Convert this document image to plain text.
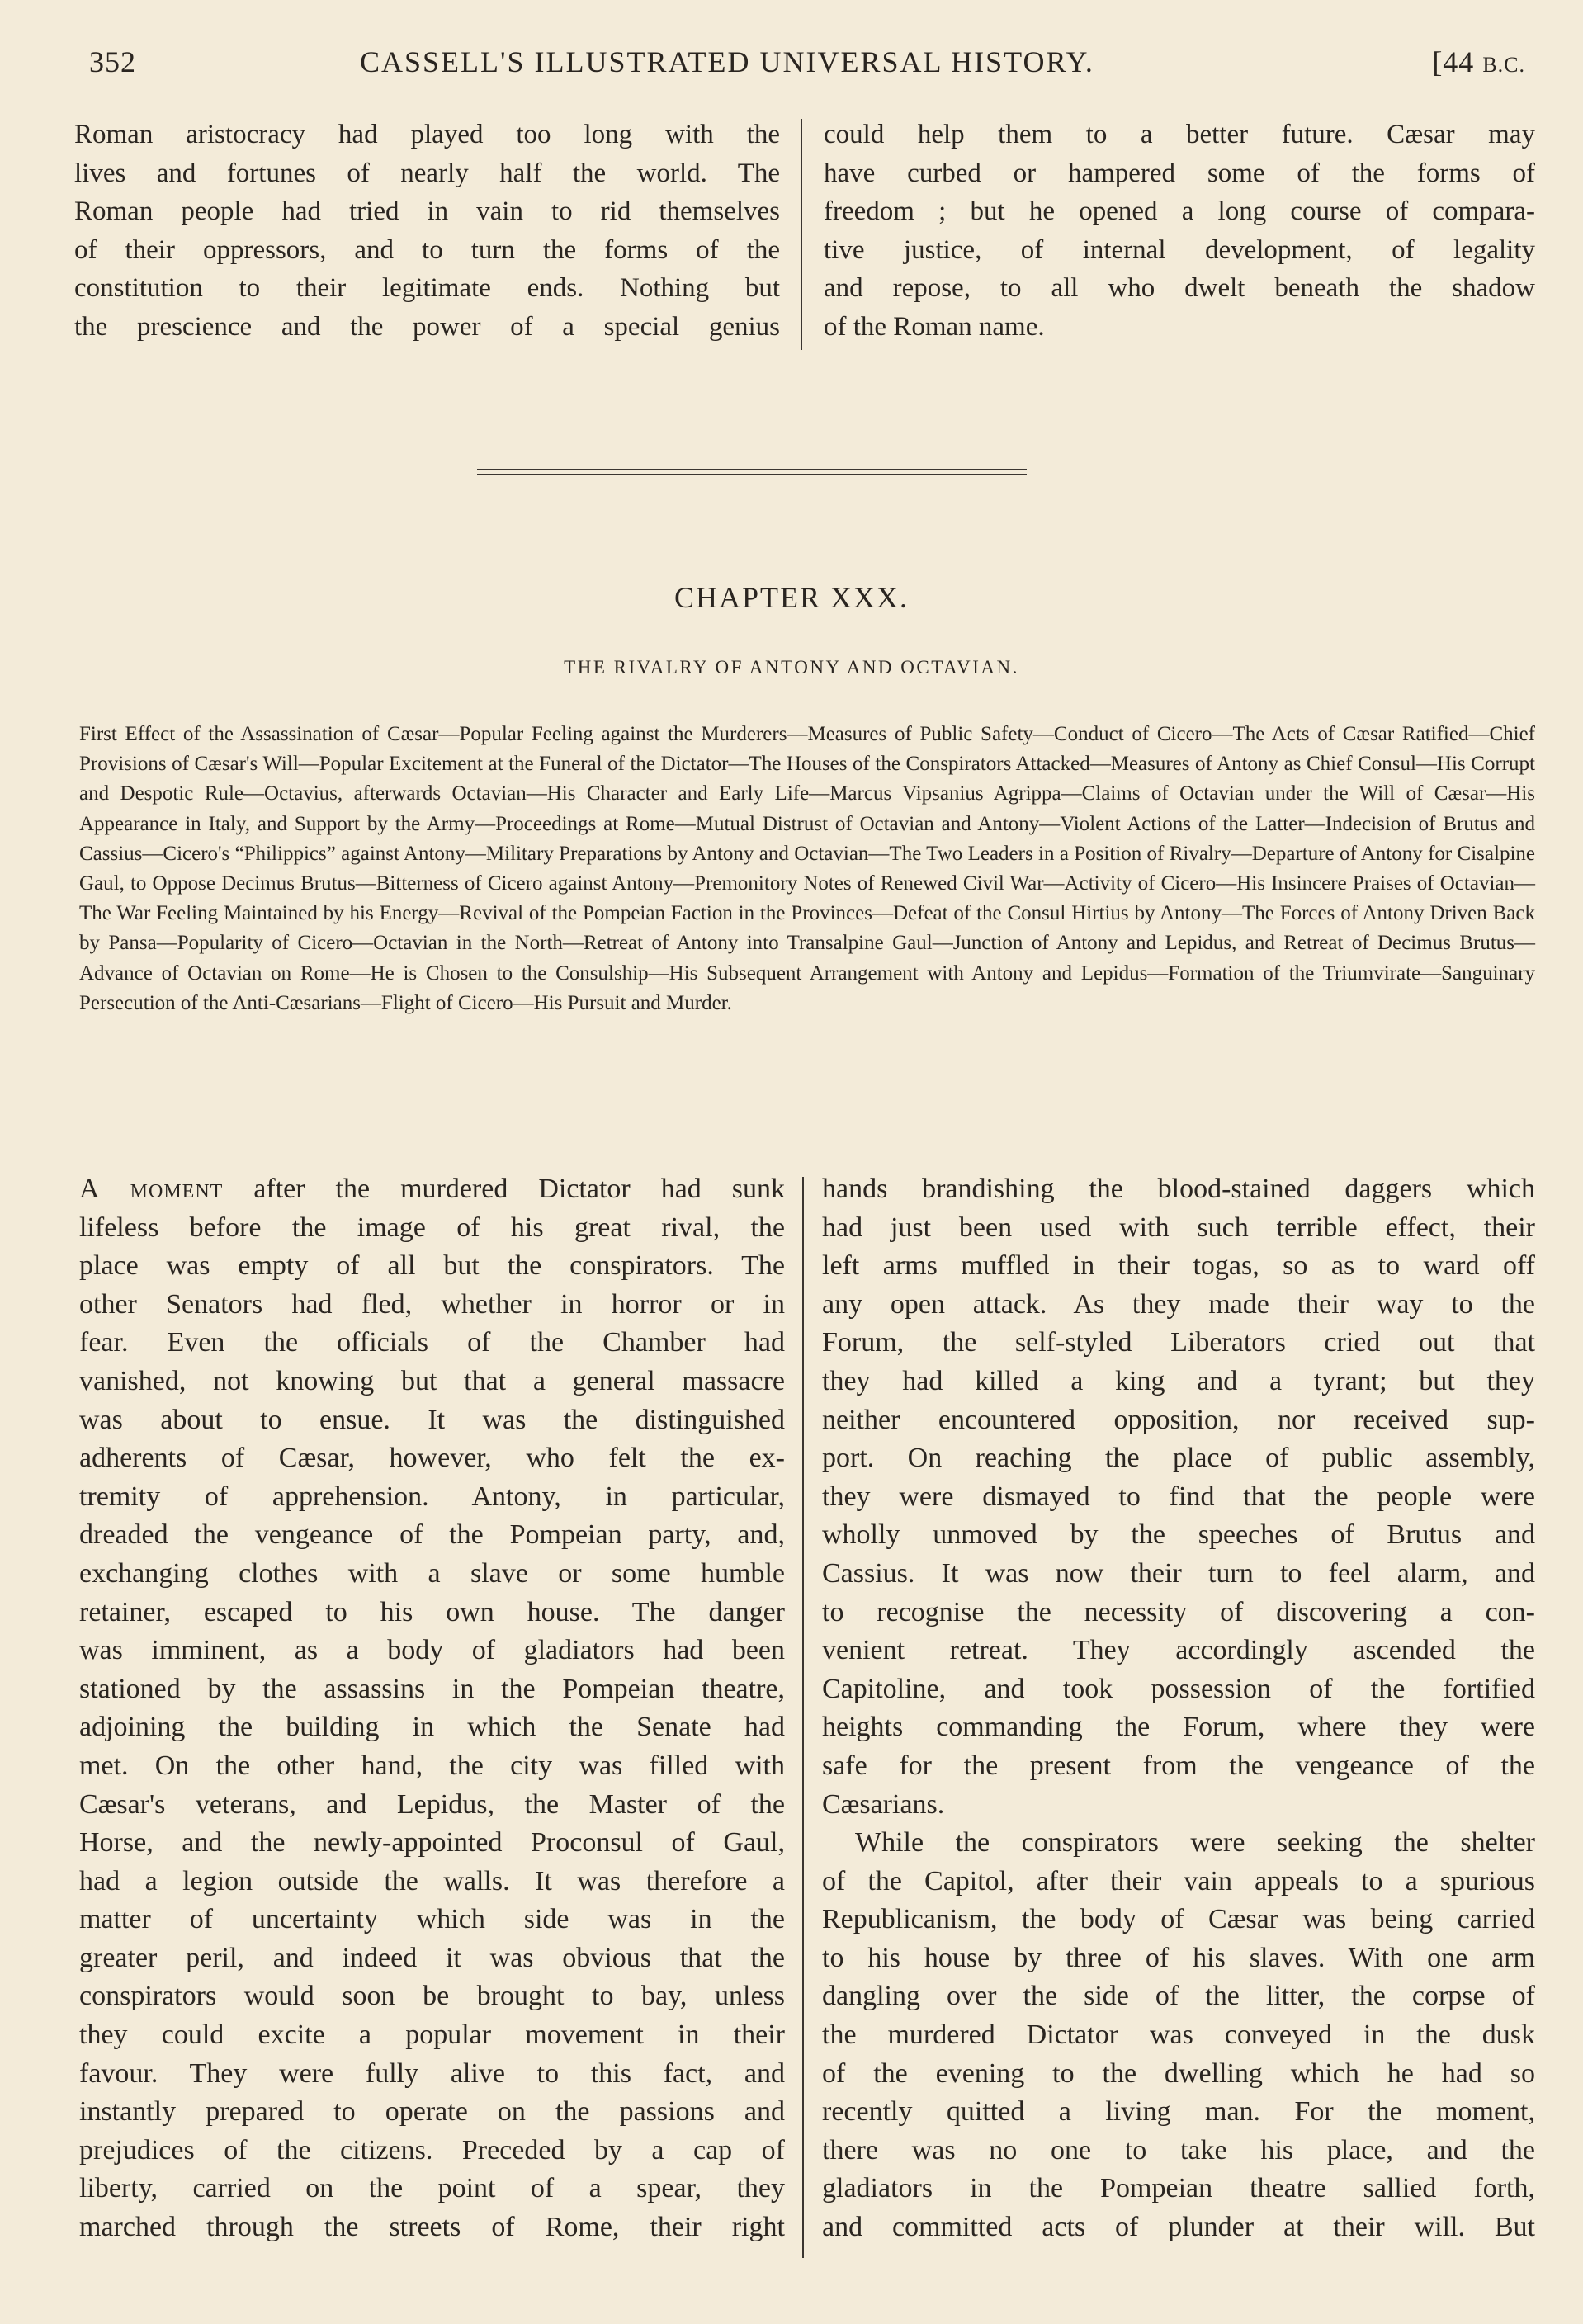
352	CASSELL'S ILLUSTRATED UNIVERSAL HISTORY.	[44 B.C.
Roman aristocracy had played too long with the
lives and fortunes of nearly half the world. The
Roman people had tried in vain to rid themselves
of their oppressors, and to turn the forms of the
constitution to their legitimate ends. Nothing but
the prescience and the power of a special genius
could help them to a better future. Cæsar may
have curbed or hampered some of the forms of
freedom ; but he opened a long course of compara-
tive justice, of internal development, of legality
and repose, to all who dwelt beneath the shadow
of the Roman name.
CHAPTER XXX.
THE RIVALRY OF ANTONY AND OCTAVIAN.
First Effect of the Assassination of Cæsar—Popular Feeling against the Murderers—Measures of Public Safety—Conduct of Cicero—The Acts of Cæsar Ratified—Chief Provisions of Cæsar's Will—Popular Excitement at the Funeral of the Dictator—The Houses of the Conspirators Attacked—Measures of Antony as Chief Consul—His Corrupt and Despotic Rule—Octavius, afterwards Octavian—His Character and Early Life—Marcus Vipsanius Agrippa—Claims of Octavian under the Will of Cæsar—His Appearance in Italy, and Support by the Army—Proceedings at Rome—Mutual Distrust of Octavian and Antony—Violent Actions of the Latter—Indecision of Brutus and Cassius—Cicero's “Philippics” against Antony—Military Preparations by Antony and Octavian—The Two Leaders in a Position of Rivalry—Departure of Antony for Cisalpine Gaul, to Oppose Decimus Brutus—Bitterness of Cicero against Antony—Premonitory Notes of Renewed Civil War—Activity of Cicero—His Insincere Praises of Octavian—The War Feeling Maintained by his Energy—Revival of the Pompeian Faction in the Provinces—Defeat of the Consul Hirtius by Antony—The Forces of Antony Driven Back by Pansa—Popularity of Cicero—Octavian in the North—Retreat of Antony into Transalpine Gaul—Junction of Antony and Lepidus, and Retreat of Decimus Brutus—Advance of Octavian on Rome—He is Chosen to the Consulship—His Subsequent Arrangement with Antony and Lepidus—Formation of the Triumvirate—Sanguinary Persecution of the Anti-Cæsarians—Flight of Cicero—His Pursuit and Murder.
A moment after the murdered Dictator had sunk
lifeless before the image of his great rival, the
place was empty of all but the conspirators. The
other Senators had fled, whether in horror or in
fear. Even the officials of the Chamber had
vanished, not knowing but that a general massacre
was about to ensue. It was the distinguished
adherents of Cæsar, however, who felt the ex-
tremity of apprehension. Antony, in particular,
dreaded the vengeance of the Pompeian party, and,
exchanging clothes with a slave or some humble
retainer, escaped to his own house. The danger
was imminent, as a body of gladiators had been
stationed by the assassins in the Pompeian theatre,
adjoining the building in which the Senate had
met. On the other hand, the city was filled with
Cæsar's veterans, and Lepidus, the Master of the
Horse, and the newly-appointed Proconsul of Gaul,
had a legion outside the walls. It was therefore a
matter of uncertainty which side was in the
greater peril, and indeed it was obvious that the
conspirators would soon be brought to bay, unless
they could excite a popular movement in their
favour. They were fully alive to this fact, and
instantly prepared to operate on the passions and
prejudices of the citizens. Preceded by a cap of
liberty, carried on the point of a spear, they
marched through the streets of Rome, their right
hands brandishing the blood-stained daggers which
had just been used with such terrible effect, their
left arms muffled in their togas, so as to ward off
any open attack. As they made their way to the
Forum, the self-styled Liberators cried out that
they had killed a king and a tyrant; but they
neither encountered opposition, nor received sup-
port. On reaching the place of public assembly,
they were dismayed to find that the people were
wholly unmoved by the speeches of Brutus and
Cassius. It was now their turn to feel alarm, and
to recognise the necessity of discovering a con-
venient retreat. They accordingly ascended the
Capitoline, and took possession of the fortified
heights commanding the Forum, where they were
safe for the present from the vengeance of the
Cæsarians.
While the conspirators were seeking the shelter
of the Capitol, after their vain appeals to a spurious
Republicanism, the body of Cæsar was being carried
to his house by three of his slaves. With one arm
dangling over the side of the litter, the corpse of
the murdered Dictator was conveyed in the dusk
of the evening to the dwelling which he had so
recently quitted a living man. For the moment,
there was no one to take his place, and the
gladiators in the Pompeian theatre sallied forth,
and committed acts of plunder at their will. But
